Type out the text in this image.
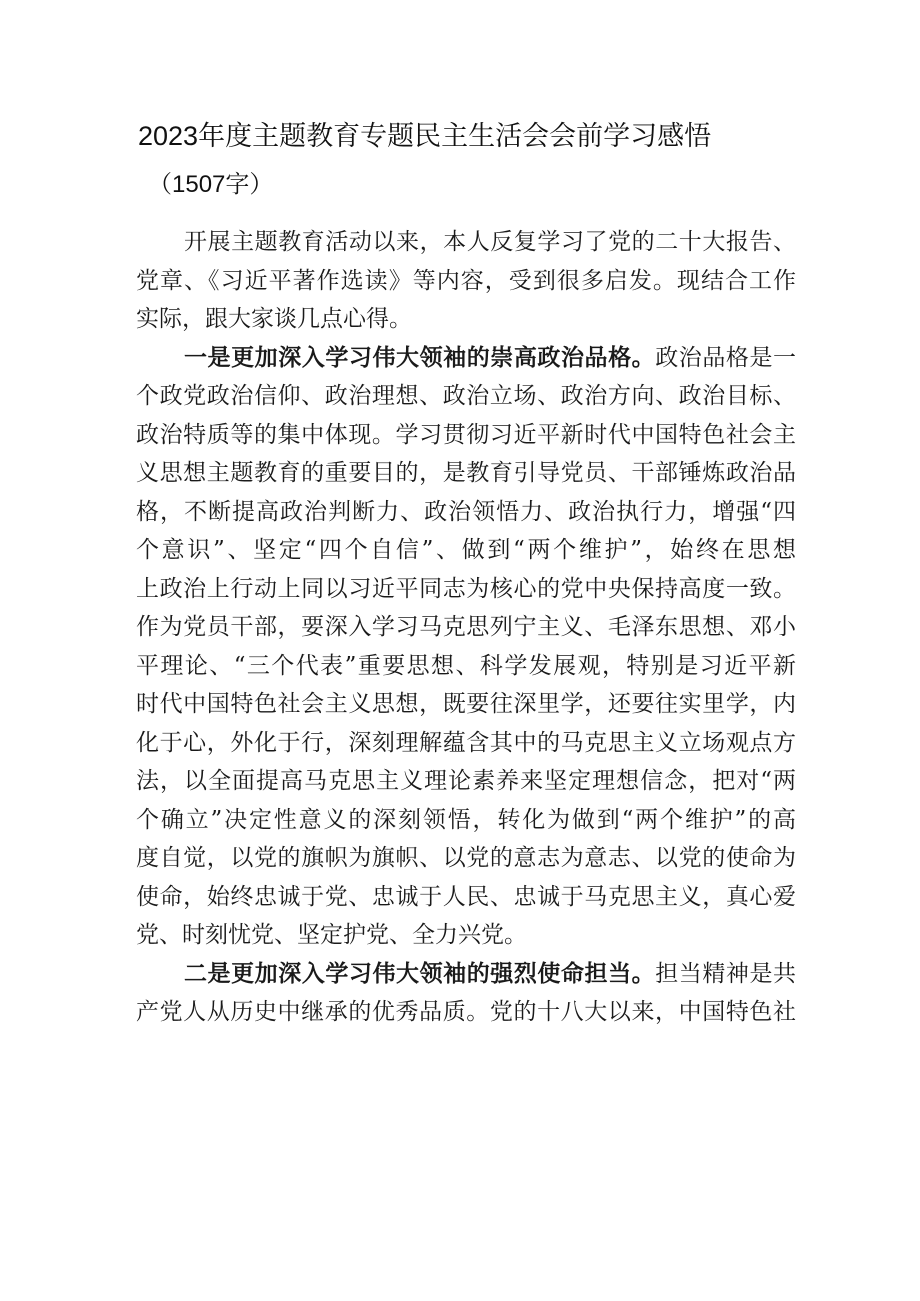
2023年度主题教育专题民主生活会会前学习感悟
（1507字）
开展主题教育活动以来，本人反复学习了党的二十大报告、
党章、《习近平著作选读》等内容，受到很多启发。现结合工作
实际，跟大家谈几点心得。
一是更加深入学习伟大领袖的崇高政治品格。政治品格是一
个政党政治信仰、政治理想、政治立场、政治方向、政治目标、
政治特质等的集中体现。学习贯彻习近平新时代中国特色社会主
义思想主题教育的重要目的，是教育引导党员、干部锤炼政治品
格，不断提高政治判断力、政治领悟力、政治执行力，增强“四
个意识”、坚定“四个自信”、做到“两个维护”，始终在思想
上政治上行动上同以习近平同志为核心的党中央保持高度一致。
作为党员干部，要深入学习马克思列宁主义、毛泽东思想、邓小
平理论、“三个代表”重要思想、科学发展观，特别是习近平新
时代中国特色社会主义思想，既要往深里学，还要往实里学，内
化于心，外化于行，深刻理解蕴含其中的马克思主义立场观点方
法，以全面提高马克思主义理论素养来坚定理想信念，把对“两
个确立”决定性意义的深刻领悟，转化为做到“两个维护”的高
度自觉，以党的旗帜为旗帜、以党的意志为意志、以党的使命为
使命，始终忠诚于党、忠诚于人民、忠诚于马克思主义，真心爱
党、时刻忧党、坚定护党、全力兴党。
二是更加深入学习伟大领袖的强烈使命担当。担当精神是共
产党人从历史中继承的优秀品质。党的十八大以来，中国特色社
